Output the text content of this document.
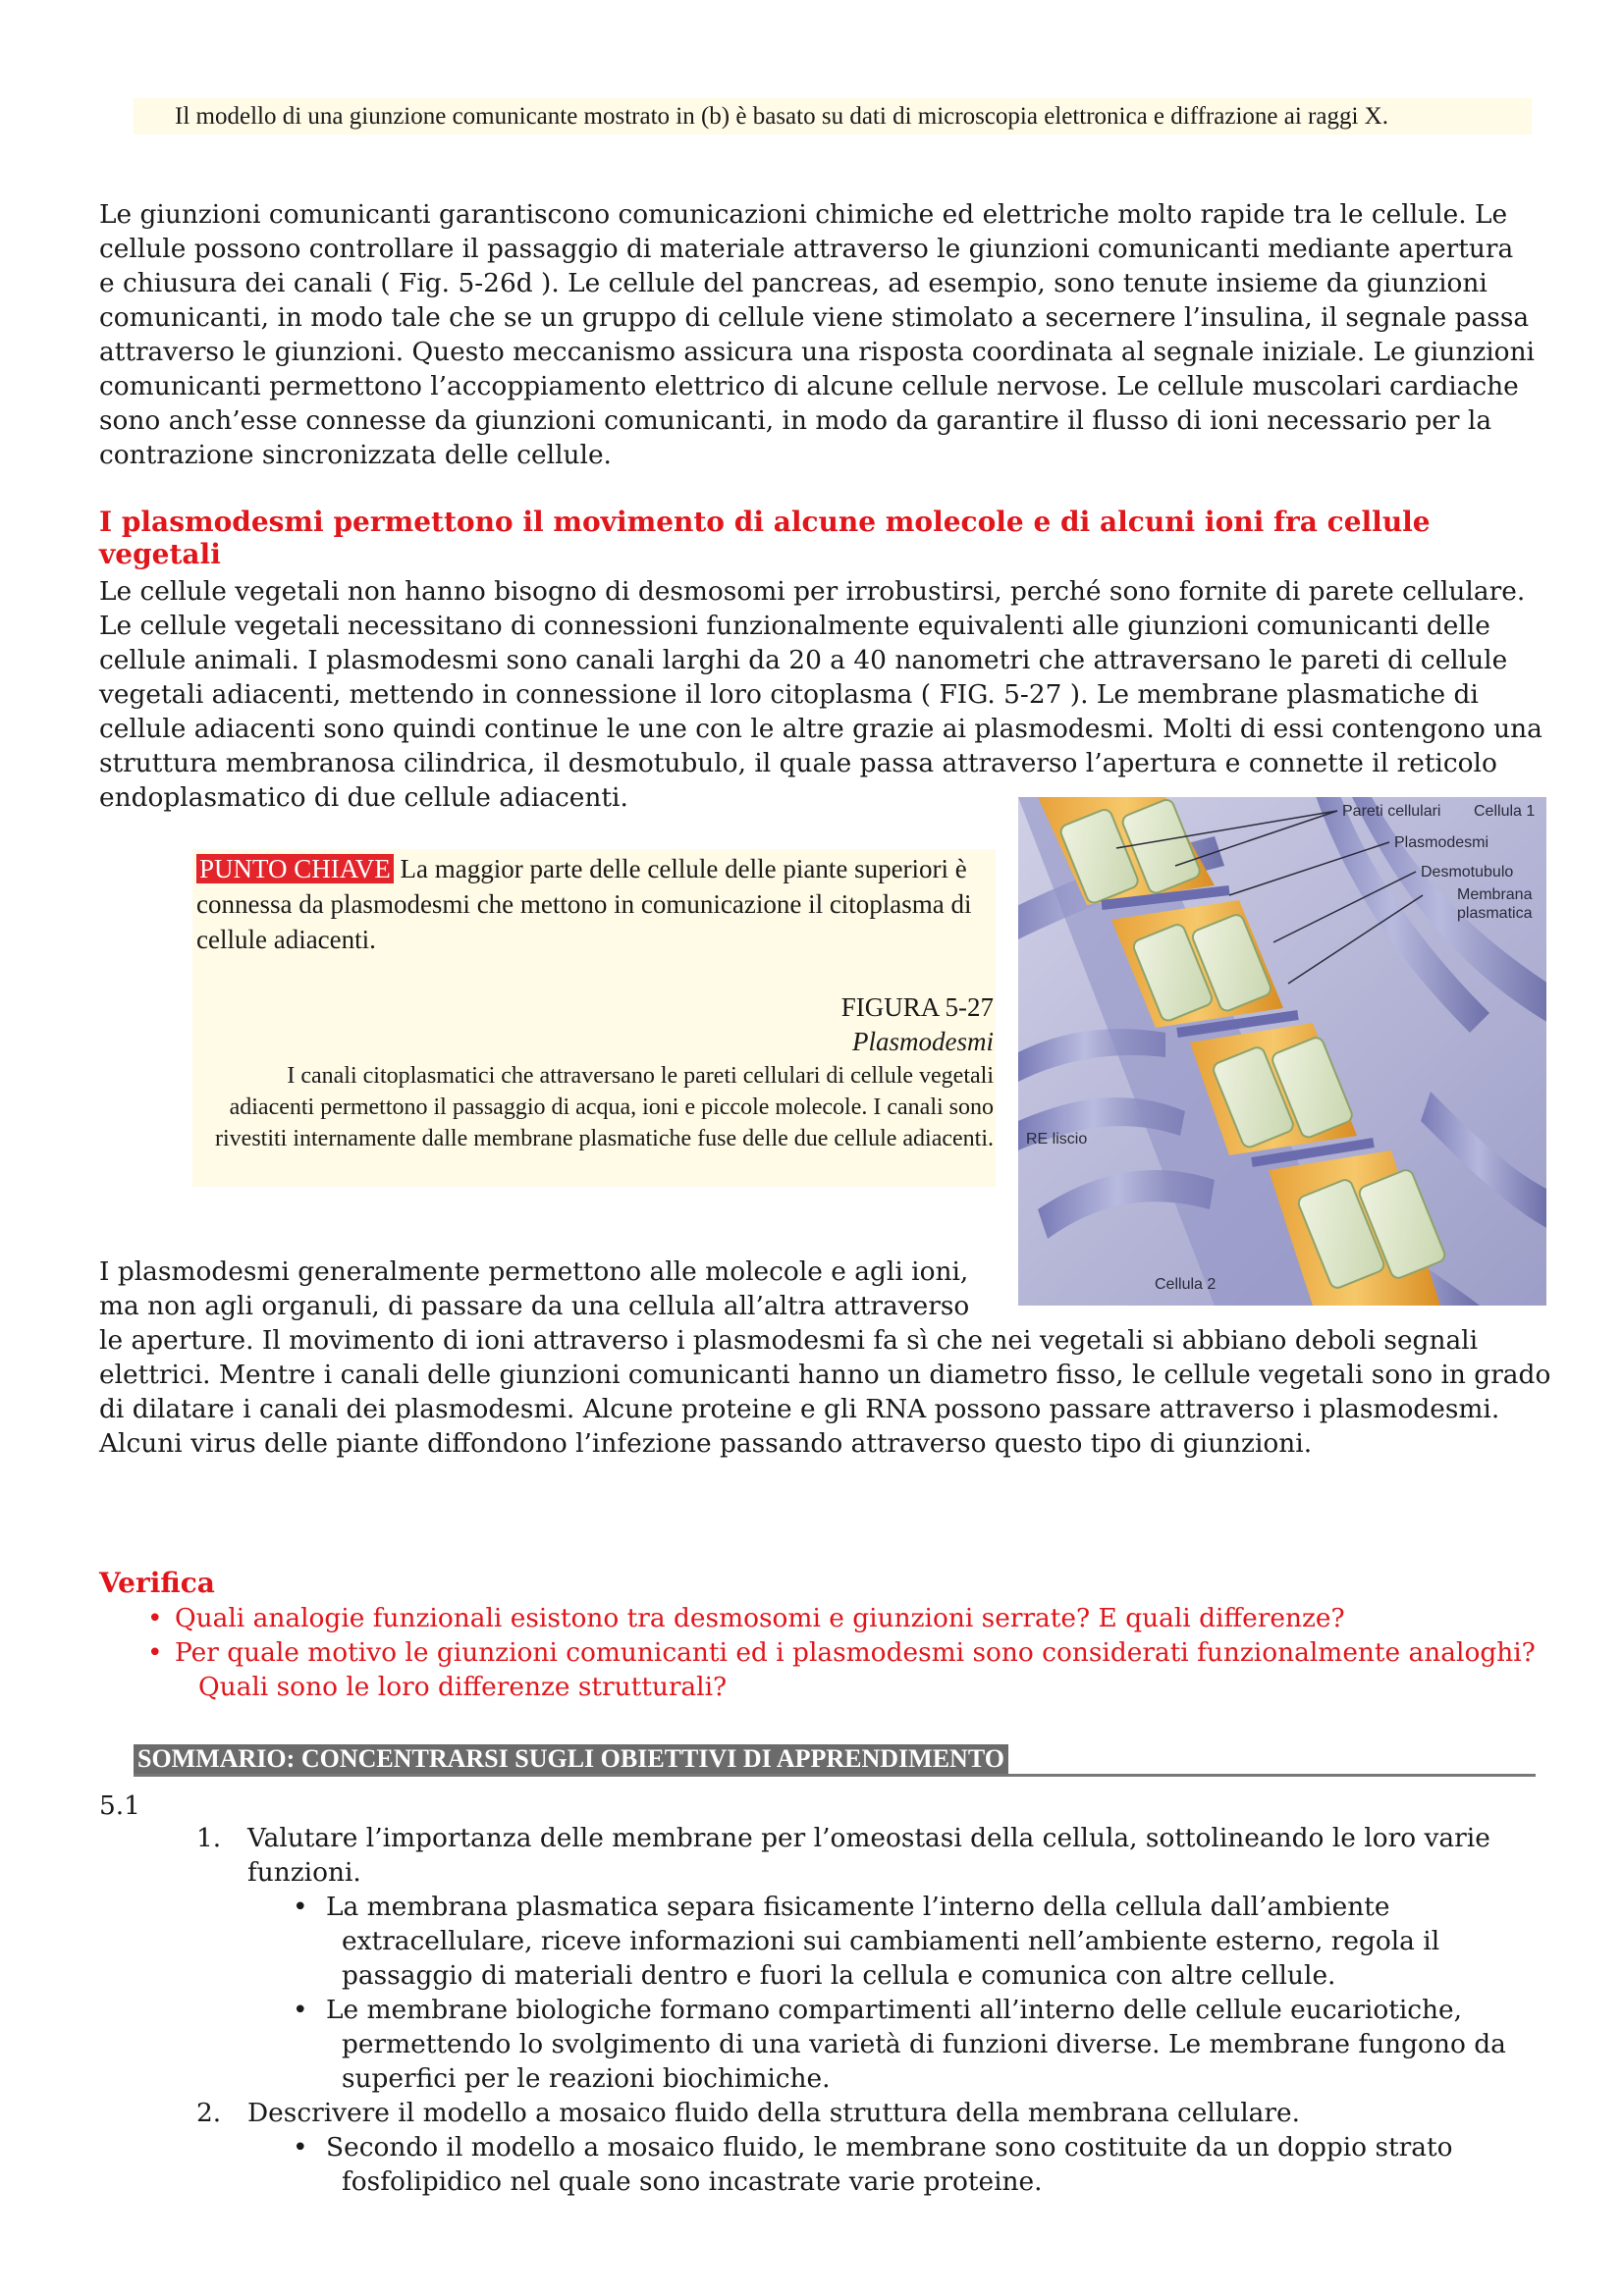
Il modello di una giunzione comunicante mostrato in (b) è basato su dati di microscopia elettronica e diffrazione ai raggi X.

Le giunzioni comunicanti garantiscono comunicazioni chimiche ed elettriche molto rapide tra le cellule. Le cellule possono controllare il passaggio di materiale attraverso le giunzioni comunicanti mediante apertura e chiusura dei canali ( Fig. 5-26d ). Le cellule del pancreas, ad esempio, sono tenute insieme da giunzioni comunicanti, in modo tale che se un gruppo di cellule viene stimolato a secernere l’insulina, il segnale passa attraverso le giunzioni. Questo meccanismo assicura una risposta coordinata al segnale iniziale. Le giunzioni comunicanti permettono l’accoppiamento elettrico di alcune cellule nervose. Le cellule muscolari cardiache sono anch’esse connesse da giunzioni comunicanti, in modo da garantire il flusso di ioni necessario per la contrazione sincronizzata delle cellule.

I plasmodesmi permettono il movimento di alcune molecole e di alcuni ioni fra cellule vegetali

Le cellule vegetali non hanno bisogno di desmosomi per irrobustirsi, perché sono fornite di parete cellulare. Le cellule vegetali necessitano di connessioni funzionalmente equivalenti alle giunzioni comunicanti delle cellule animali. I plasmodesmi sono canali larghi da 20 a 40 nanometri che attraversano le pareti di cellule vegetali adiacenti, mettendo in connessione il loro citoplasma ( FIG. 5-27 ). Le membrane plasmatiche di cellule adiacenti sono quindi continue le une con le altre grazie ai plasmodesmi. Molti di essi contengono una struttura membranosa cilindrica, il desmotubulo, il quale passa attraverso l’apertura e connette il reticolo endoplasmatico di due cellule adiacenti.

PUNTO CHIAVE La maggior parte delle cellule delle piante superiori è connessa da plasmodesmi che mettono in comunicazione il citoplasma di cellule adiacenti.

FIGURA 5-27
Plasmodesmi
I canali citoplasmatici che attraversano le pareti cellulari di cellule vegetali adiacenti permettono il passaggio di acqua, ioni e piccole molecole. I canali sono rivestiti internamente dalle membrane plasmatiche fuse delle due cellule adiacenti.
Pareti cellulari Cellula 1
Plasmodesmi
Desmotubulo
Membrana
plasmatica
RE liscio
Cellula 2

I plasmodesmi generalmente permettono alle molecole e agli ioni,
ma non agli organuli, di passare da una cellula all’altra attraverso
le aperture. Il movimento di ioni attraverso i plasmodesmi fa sì che nei vegetali si abbiano deboli segnali elettrici. Mentre i canali delle giunzioni comunicanti hanno un diametro fisso, le cellule vegetali sono in grado di dilatare i canali dei plasmodesmi. Alcune proteine e gli RNA possono passare attraverso i plasmodesmi. Alcuni virus delle piante diffondono l’infezione passando attraverso questo tipo di giunzioni.

Verifica
• Quali analogie funzionali esistono tra desmosomi e giunzioni serrate? E quali differenze?
• Per quale motivo le giunzioni comunicanti ed i plasmodesmi sono considerati funzionalmente analoghi? Quali sono le loro differenze strutturali?
SOMMARIO: CONCENTRARSI SUGLI OBIETTIVI DI APPRENDIMENTO
5.1
1.	Valutare l’importanza delle membrane per l’omeostasi della cellula, sottolineando le loro varie funzioni.
• La membrana plasmatica separa fisicamente l’interno della cellula dall’ambiente extracellulare, riceve informazioni sui cambiamenti nell’ambiente esterno, regola il passaggio di materiali dentro e fuori la cellula e comunica con altre cellule.
• Le membrane biologiche formano compartimenti all’interno delle cellule eucariotiche, permettendo lo svolgimento di una varietà di funzioni diverse. Le membrane fungono da superfici per le reazioni biochimiche.
2.	Descrivere il modello a mosaico fluido della struttura della membrana cellulare.
• Secondo il modello a mosaico fluido, le membrane sono costituite da un doppio strato fosfolipidico nel quale sono incastrate varie proteine.
